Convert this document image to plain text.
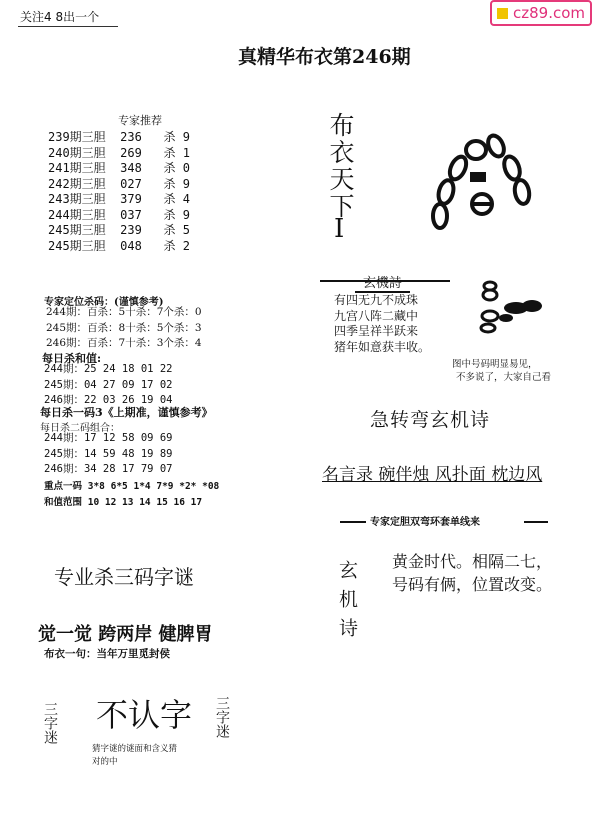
关注4 8出一个	cz89.com
真精华布衣第246期
专家推荐
239期三胆 236 杀 9
240期三胆 269 杀 1
241期三胆 348 杀 0
242期三胆 027 杀 9
243期三胆 379 杀 4
244期三胆 037 杀 9
245期三胆 239 杀 5
245期三胆 048 杀 2
专家定位杀码：(谨慎参考)
244期：百杀：5十杀：7个杀：0
245期：百杀：8十杀：5个杀：3
246期：百杀：7十杀：3个杀：4
每日杀和值:
244期：25 24 18 01 22
245期：04 27 09 17 02
246期：22 03 26 19 04
每日杀一码3《上期准，谨慎参考》
每日杀二码组合：
244期：17 12 58 09 69
245期：14 59 48 19 89
246期：34 28 17 79 07
重点一码 3*8 6*5 1*4 7*9 *2* *08
和值范围 10 12 13 14 15 16 17
专业杀三码字谜
觉一觉 跨两岸 健脾胃
布衣一句：当年万里觅封侯
三字迷 不认字
猜字谜的谜面和含义猜
对的中
三字迷
布衣天下
I
玄機詩
有四无九不成珠
九宫八阵二藏中
四季呈祥半跃来
猪年如意获丰收。
图中号码明显易见，
不多说了，大家自己看
急转弯玄机诗
名言录 碗伴烛 风扑面 枕边风
专家定胆双弯环套单线来
玄机诗 黄金时代。相隔二七，
号码有俩，位置改变。
